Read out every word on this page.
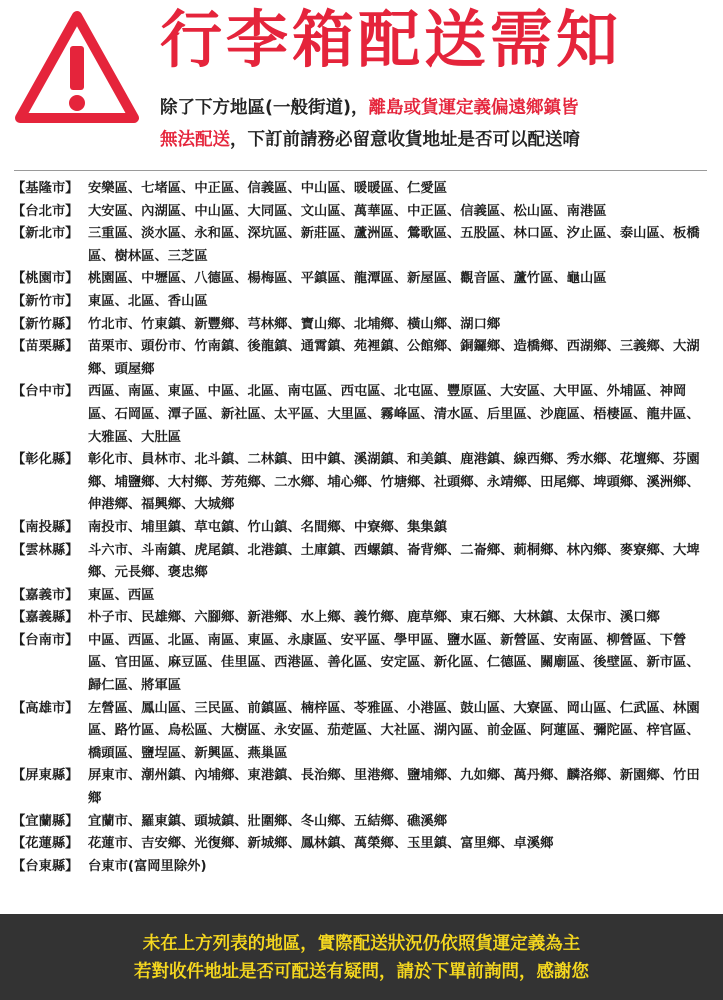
行李箱配送需知
除了下方地區(一般街道)，離島或貨運定義偏遠鄉鎮皆
無法配送，下訂前請務必留意收貨地址是否可以配送唷
【基隆市】 安樂區、七堵區、中正區、信義區、中山區、暖暖區、仁愛區
【台北市】 大安區、內湖區、中山區、大同區、文山區、萬華區、中正區、信義區、松山區、南港區
【新北市】 三重區、淡水區、永和區、深坑區、新莊區、蘆洲區、鶯歌區、五股區、林口區、汐止區、泰山區、板橋區、樹林區、三芝區
【桃園市】 桃園區、中壢區、八德區、楊梅區、平鎮區、龍潭區、新屋區、觀音區、蘆竹區、龜山區
【新竹市】 東區、北區、香山區
【新竹縣】 竹北市、竹東鎮、新豐鄉、芎林鄉、寶山鄉、北埔鄉、橫山鄉、湖口鄉
【苗栗縣】 苗栗市、頭份市、竹南鎮、後龍鎮、通霄鎮、苑裡鎮、公館鄉、銅鑼鄉、造橋鄉、西湖鄉、三義鄉、大湖鄉、頭屋鄉
【台中市】 西區、南區、東區、中區、北區、南屯區、西屯區、北屯區、豐原區、大安區、大甲區、外埔區、神岡區、石岡區、潭子區、新社區、太平區、大里區、霧峰區、清水區、后里區、沙鹿區、梧棲區、龍井區、大雅區、大肚區
【彰化縣】 彰化市、員林市、北斗鎮、二林鎮、田中鎮、溪湖鎮、和美鎮、鹿港鎮、線西鄉、秀水鄉、花壇鄉、芬園鄉、埔鹽鄉、大村鄉、芳苑鄉、二水鄉、埔心鄉、竹塘鄉、社頭鄉、永靖鄉、田尾鄉、埤頭鄉、溪洲鄉、伸港鄉、福興鄉、大城鄉
【南投縣】 南投市、埔里鎮、草屯鎮、竹山鎮、名間鄉、中寮鄉、集集鎮
【雲林縣】 斗六市、斗南鎮、虎尾鎮、北港鎮、土庫鎮、西螺鎮、崙背鄉、二崙鄉、莿桐鄉、林內鄉、麥寮鄉、大埤鄉、元長鄉、褒忠鄉
【嘉義市】 東區、西區
【嘉義縣】 朴子市、民雄鄉、六腳鄉、新港鄉、水上鄉、義竹鄉、鹿草鄉、東石鄉、大林鎮、太保市、溪口鄉
【台南市】 中區、西區、北區、南區、東區、永康區、安平區、學甲區、鹽水區、新營區、安南區、柳營區、下營區、官田區、麻豆區、佳里區、西港區、善化區、安定區、新化區、仁德區、關廟區、後壁區、新市區、歸仁區、將軍區
【高雄市】 左營區、鳳山區、三民區、前鎮區、楠梓區、苓雅區、小港區、鼓山區、大寮區、岡山區、仁武區、林園區、路竹區、烏松區、大樹區、永安區、茄萣區、大社區、湖內區、前金區、阿蓮區、彌陀區、梓官區、橋頭區、鹽埕區、新興區、燕巢區
【屏東縣】 屏東市、潮州鎮、內埔鄉、東港鎮、長治鄉、里港鄉、鹽埔鄉、九如鄉、萬丹鄉、麟洛鄉、新園鄉、竹田鄉
【宜蘭縣】 宜蘭市、羅東鎮、頭城鎮、壯圍鄉、冬山鄉、五結鄉、礁溪鄉
【花蓮縣】 花蓮市、吉安鄉、光復鄉、新城鄉、鳳林鎮、萬榮鄉、玉里鎮、富里鄉、卓溪鄉
【台東縣】 台東市(富岡里除外)
未在上方列表的地區，實際配送狀況仍依照貨運定義為主
若對收件地址是否可配送有疑問，請於下單前詢問，感謝您
